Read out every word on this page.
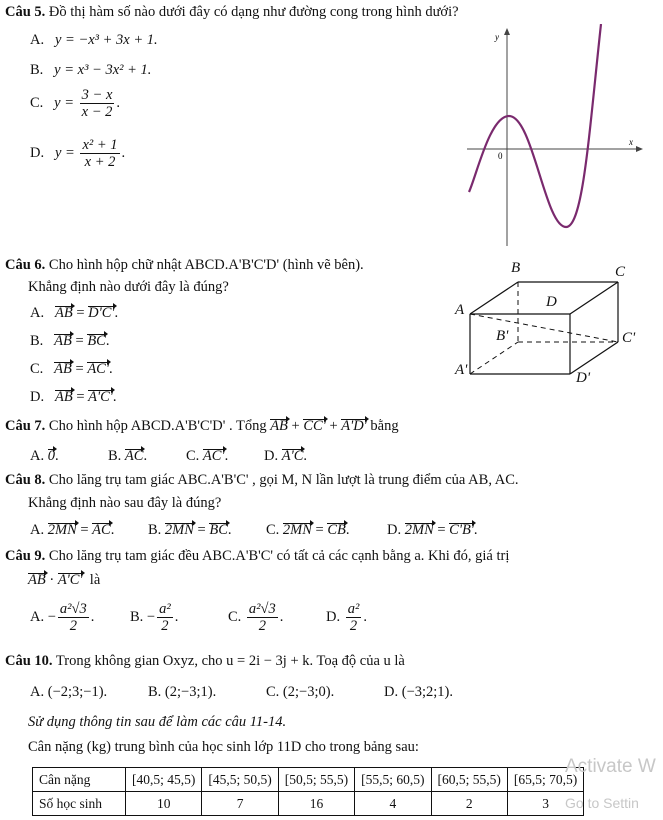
Câu 5. Đồ thị hàm số nào dưới đây có dạng như đường cong trong hình dưới?
A. y = −x³ + 3x + 1.
B. y = x³ − 3x² + 1.
C. $y = \frac{3 - x}{x - 2}$ .
D. $y = \frac{\text{x² + 1}}{x + 2}$ .
y
x
0
Câu 6. Cho hình hộp chữ nhật ABCD.A'B'C'D' (hình vẽ bên).
Khẳng định nào dưới đây là đúng?
A. AB = D'C'.
B. AB = BC.
C. AB = AC'.
D. AB = A'C'.
B	C
A	D
B'	C'
A'	D'
Câu 7. Cho hình hộp ABCD.A'B'C'D' . Tổng AB + CC' + A'D' bằng
A. 0.	B. AC.	C. AC'. D. A'C.
Câu 8. Cho lăng trụ tam giác ABC.A'B'C' , gọi M, N lần lượt là trung điểm của AB, AC.
Khẳng định nào sau đây là đúng?
A. 2MN = AC. B. 2MN = BC. C. 2MN = CB.	D. 2MN = C'B'.
Câu 9. Cho lăng trụ tam giác đều ABC.A'B'C' có tất cả các cạnh bằng a. Khi đó, giá trị
AB · A'C' là
A. − $\frac{\text{a²√3}}{2}$ . B. − $\frac{\text{a²}}{2}$ .	C. $\frac{\text{a²√3}}{2}$ .	D. $\frac{\text{a²}}{2}$ .
Câu 10. Trong không gian Oxyz, cho u = 2i − 3j + k. Toạ độ của u là
A. (−2;3;−1).	B. (2;−3;1).	C. (2;−3;0).	D. (−3;2;1).
Sử dụng thông tin sau để làm các câu 11-14.
Cân nặng (kg) trung bình của học sinh lớp 11D cho trong bảng sau:
Cân nặng	[40,5; 45,5)	[45,5; 50,5)	[50,5; 55,5)	[55,5; 60,5)	[60,5; 55,5)	[65,5; 70,5)
Số học sinh	10	7	16	4	2	3
Activate W
Go to Settin
